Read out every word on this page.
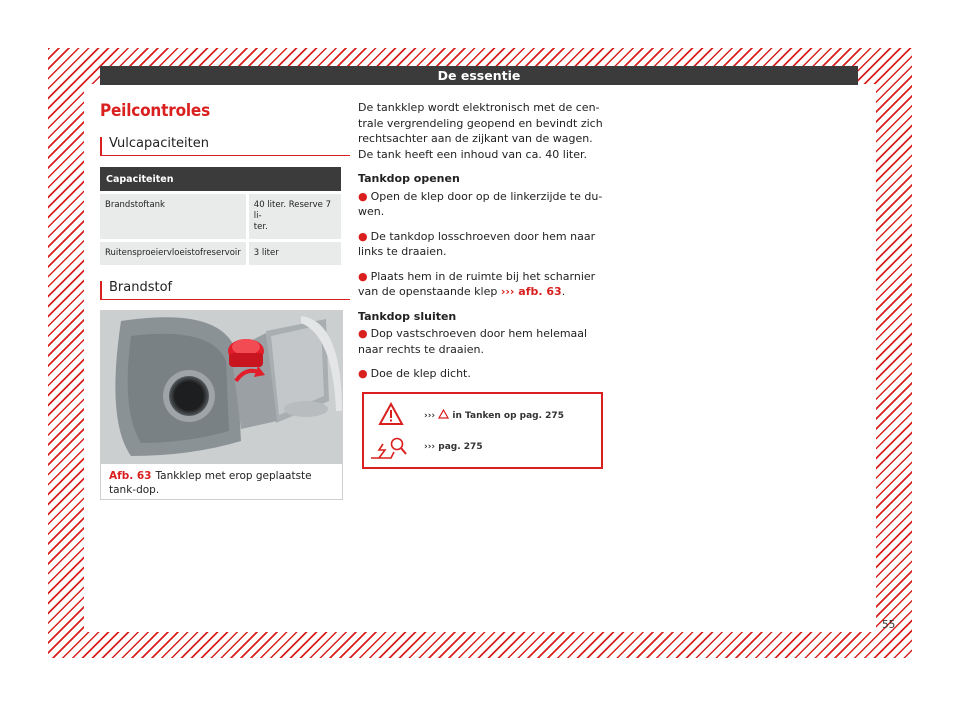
De essentie
Peilcontroles
Vulcapaciteiten
Capaciteiten	
Brandstoftank	40 liter. Reserve 7 li-
ter.
Ruitensproeiervloeistofreservoir	3 liter
Brandstof
Afb. 63 Tankklep met erop geplaatste tank-dop.

De tankklep wordt elektronisch met de cen-trale vergrendeling geopend en bevindt zich rechtsachter aan de zijkant van de wagen. De tank heeft een inhoud van ca. 40 liter.

Tankdop openen

● Open de klep door op de linkerzijde te du-wen.

● De tankdop losschroeven door hem naar links te draaien.

● Plaats hem in de ruimte bij het scharnier van de openstaande klep ››› afb. 63.

Tankdop sluiten

● Dop vastschroeven door hem helemaal naar rechts te draaien.

● Doe de klep dicht.

››› in Tanken op pag. 275
››› pag. 275
55
